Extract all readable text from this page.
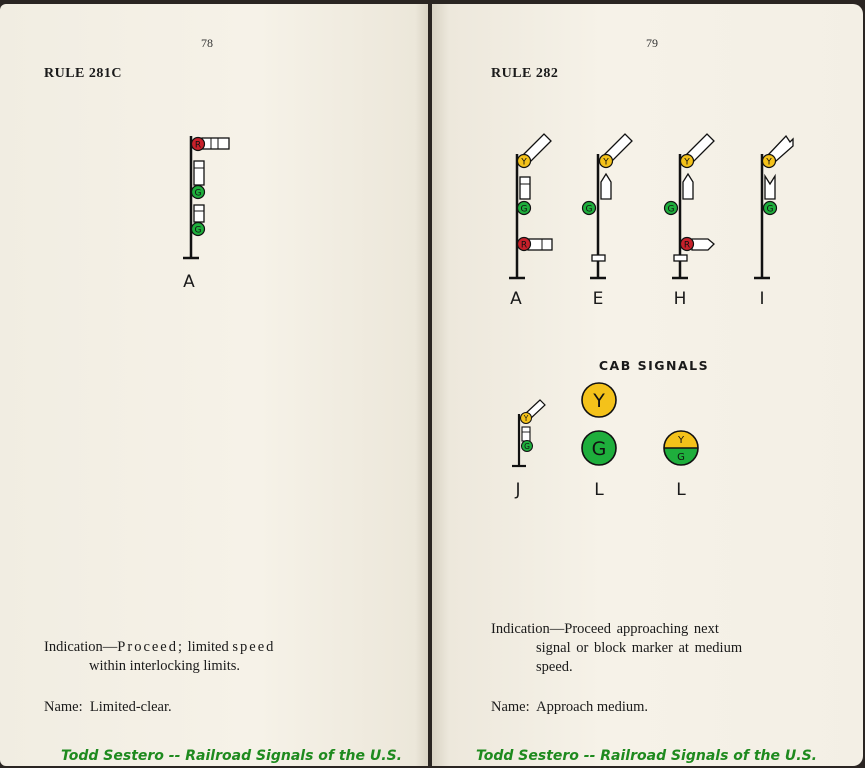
78
RULE 281C
R
G
G
A
Indication—Proceed; limited speed
within interlocking limits.
Name: Limited-clear.
Todd Sestero -- Railroad Signals of the U.S.
79
RULE 282
Y
G
R
Y
G
Y
G
R
Y
G
A	E	H	I
CAB SIGNALS
Y
G
Y
G	Y
G
J	L	L
Indication—Proceed approaching next
signal or block marker at medium
speed.
Name: Approach medium.
Todd Sestero -- Railroad Signals of the U.S.
